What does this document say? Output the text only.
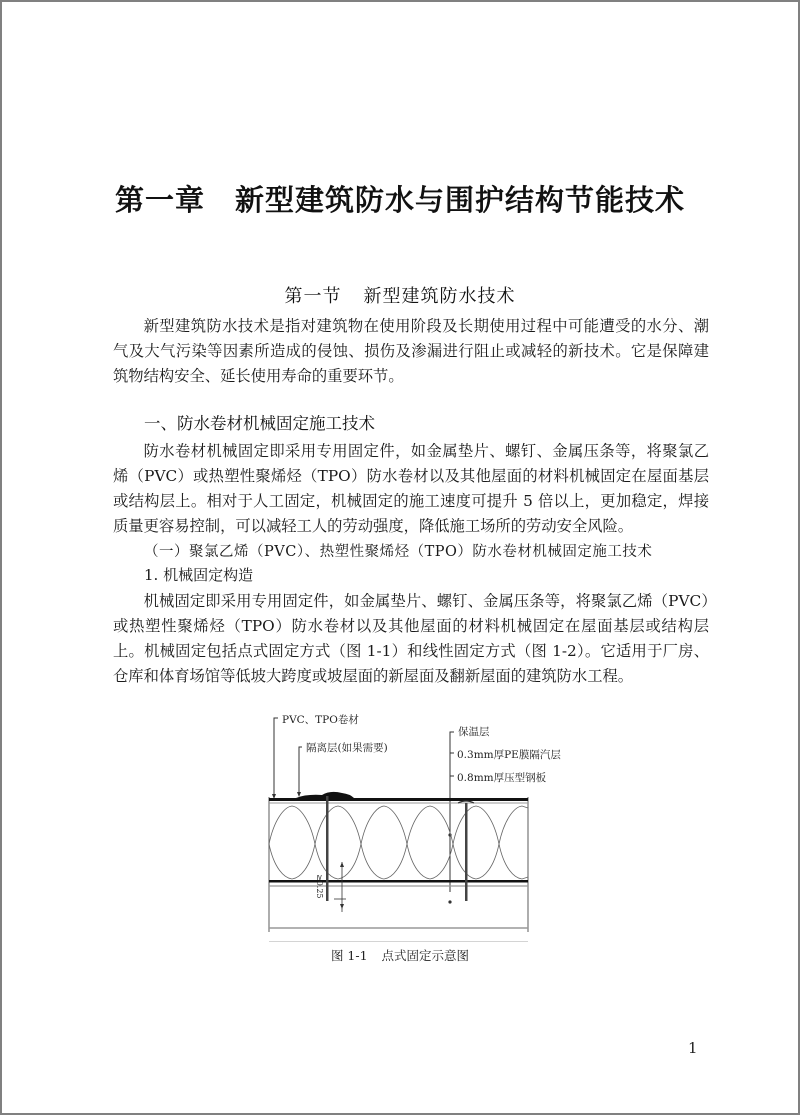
第一章 新型建筑防水与围护结构节能技术
第一节 新型建筑防水技术

新型建筑防水技术是指对建筑物在使用阶段及长期使用过程中可能遭受的水分、潮气及大气污染等因素所造成的侵蚀、损伤及渗漏进行阻止或减轻的新技术。它是保障建筑物结构安全、延长使用寿命的重要环节。

一、防水卷材机械固定施工技术

防水卷材机械固定即采用专用固定件，如金属垫片、螺钉、金属压条等，将聚氯乙烯（PVC）或热塑性聚烯烃（TPO）防水卷材以及其他屋面的材料机械固定在屋面基层或结构层上。相对于人工固定，机械固定的施工速度可提升 5 倍以上，更加稳定，焊接质量更容易控制，可以减轻工人的劳动强度，降低施工场所的劳动安全风险。

（一）聚氯乙烯（PVC）、热塑性聚烯烃（TPO）防水卷材机械固定施工技术
1. 机械固定构造

机械固定即采用专用固定件，如金属垫片、螺钉、金属压条等，将聚氯乙烯（PVC）或热塑性聚烯烃（TPO）防水卷材以及其他屋面的材料机械固定在屋面基层或结构层上。机械固定包括点式固定方式（图 1-1）和线性固定方式（图 1-2）。它适用于厂房、仓库和体育场馆等低坡大跨度或坡屋面的新屋面及翻新屋面的建筑防水工程。

PVC、TPO卷材
隔离层(如果需要)
保温层
0.3mm厚PE膜隔汽层
0.8mm厚压型钢板
≥0.25
图 1-1 点式固定示意图
1
